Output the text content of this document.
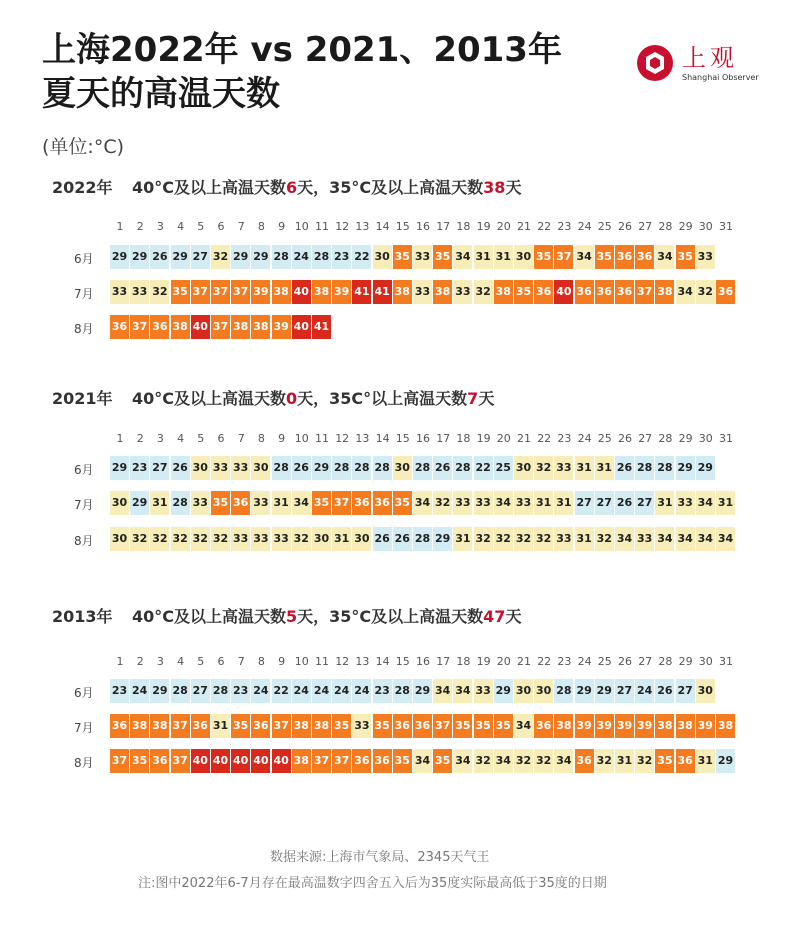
上海2022年 vs 2021、2013年
夏天的高温天数
(单位:°C)
上观
Shanghai Observer
2022年 40°C及以上高温天数6天，35°C及以上高温天数38天
2021年 40°C及以上高温天数0天，35C°以上高温天数7天
2013年 40°C及以上高温天数5天，35°C及以上高温天数47天
1	2	3	4	5	6	7	8	9 10 11 12 13 14 15 16 17 18 19 20 21 22 23 24 25 26 27 28 29 30 31
6月	29 29 26 29 27 32 29 29 28 24 28 23 22 30 35 33 35 34 31 31 30 35 37 34 35 36 36 34 35 33
7月	33 33 32 35 37 37 37 39 38 40 38 39 41 41 38 33 38 33 32 38 35 36 40 36 36 36 37 38 34 32 36
8月	36 37 36 38 40 37 38 38 39 40 41
1	2	3	4	5	6	7	8	9 10 11 12 13 14 15 16 17 18 19 20 21 22 23 24 25 26 27 28 29 30 31
6月	29 23 27 26 30 33 33 30 28 26 29 28 28 28 30 28 26 28 22 25 30 32 33 31 31 26 28 28 29 29
7月	30 29 31 28 33 35 36 33 31 34 35 37 36 36 35 34 32 33 33 34 33 31 31 27 27 26 27 31 33 34 31
8月	30 32 32 32 32 32 33 33 33 32 30 31 30 26 26 28 29 31 32 32 32 32 33 31 32 34 33 34 34 34 34
1	2	3	4	5	6	7	8	9 10 11 12 13 14 15 16 17 18 19 20 21 22 23 24 25 26 27 28 29 30 31
6月	23 24 29 28 27 28 23 24 22 24 24 24 24 23 28 29 34 34 33 29 30 30 28 29 29 27 24 26 27 30
7月	36 38 38 37 36 31 35 36 37 38 38 35 33 35 36 36 37 35 35 35 34 36 38 39 39 39 39 38 38 39 38
8月	37 35 36 37 40 40 40 40 40 38 37 37 36 36 35 34 35 34 32 34 32 32 34 36 32 31 32 35 36 31 29
数据来源:上海市气象局、2345天气王
注:图中2022年6-7月存在最高温数字四舍五入后为35度实际最高低于35度的日期
